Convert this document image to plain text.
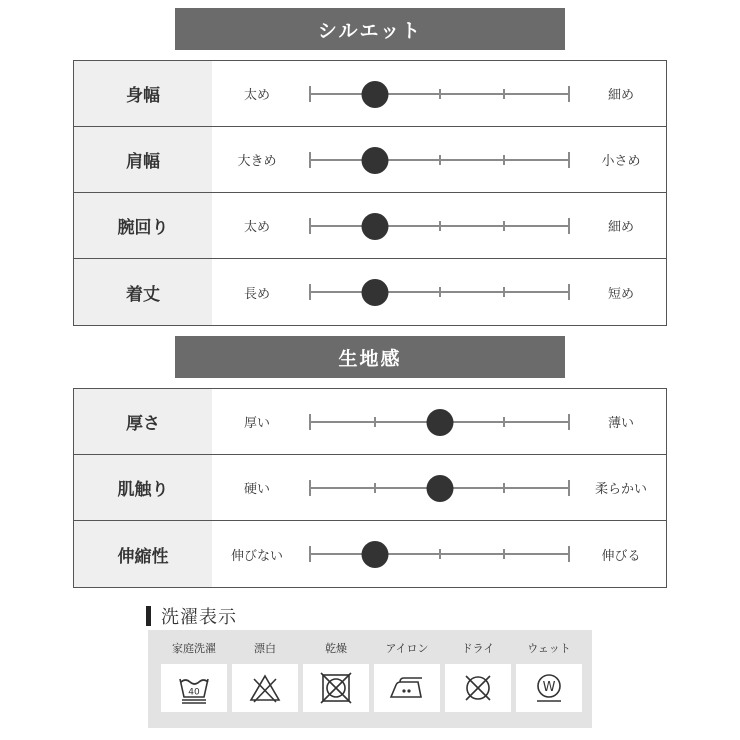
シルエット
身幅	太め	細め
肩幅	大きめ	小さめ
腕回り	太め	細め
着丈	長め	短め
生地感
厚さ	厚い	薄い
肌触り	硬い	柔らかい
伸縮性	伸びない	伸びる
洗濯表示
家庭洗濯
40
漂白	乾燥	アイロン	ドライ	ウェット
W
